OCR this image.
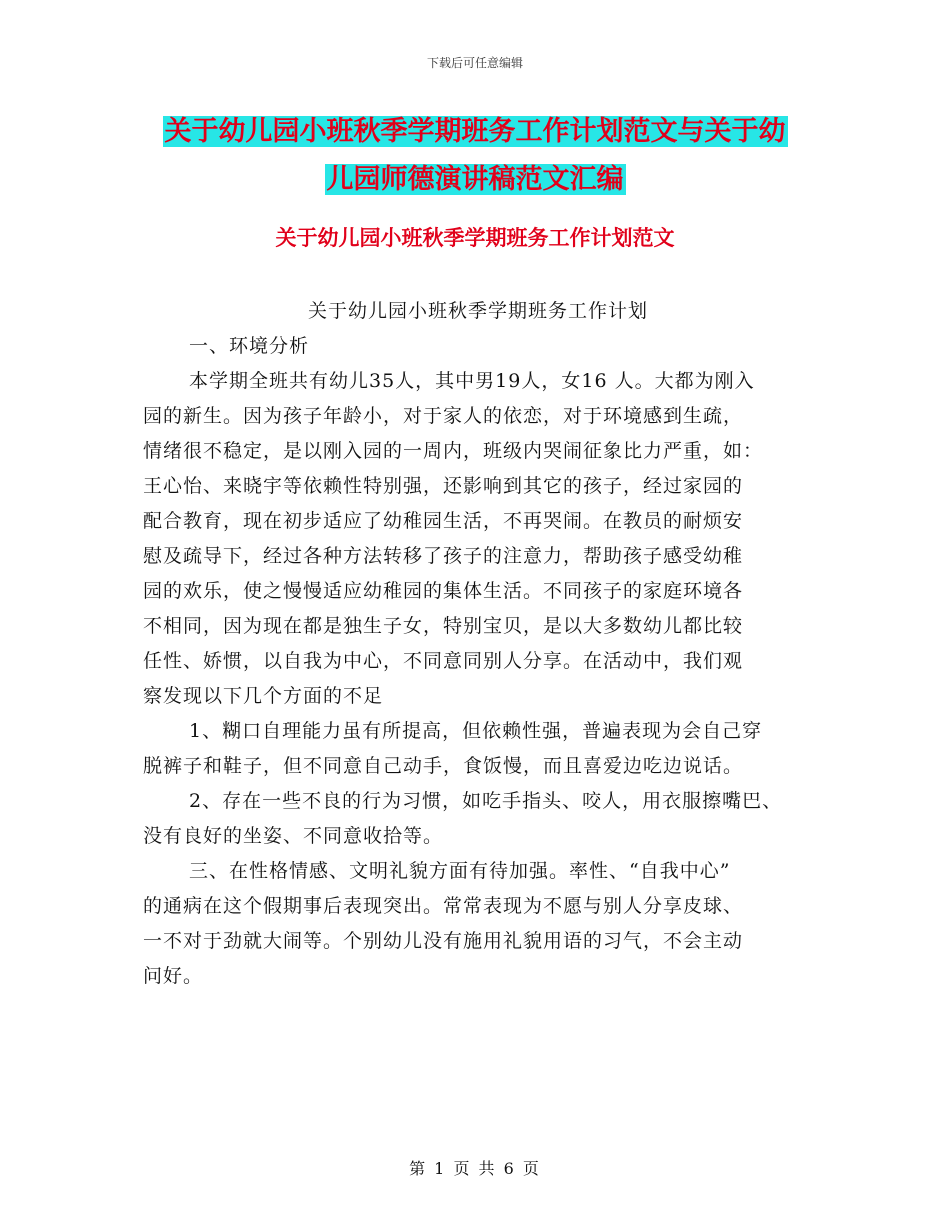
下载后可任意编辑
关于幼儿园小班秋季学期班务工作计划范文与关于幼
儿园师德演讲稿范文汇编
关于幼儿园小班秋季学期班务工作计划范文
关于幼儿园小班秋季学期班务工作计划
一、环境分析
本学期全班共有幼儿35人，其中男19人，女16 人。大都为刚入
园的新生。因为孩子年龄小，对于家人的依恋，对于环境感到生疏，
情绪很不稳定，是以刚入园的一周内，班级内哭闹征象比力严重，如：
王心怡、来晓宇等依赖性特别强，还影响到其它的孩子，经过家园的
配合教育，现在初步适应了幼稚园生活，不再哭闹。在教员的耐烦安
慰及疏导下，经过各种方法转移了孩子的注意力，帮助孩子感受幼稚
园的欢乐，使之慢慢适应幼稚园的集体生活。不同孩子的家庭环境各
不相同，因为现在都是独生子女，特别宝贝，是以大多数幼儿都比较
任性、娇惯，以自我为中心，不同意同别人分享。在活动中，我们观
察发现以下几个方面的不足
1、糊口自理能力虽有所提高，但依赖性强，普遍表现为会自己穿
脱裤子和鞋子，但不同意自己动手，食饭慢，而且喜爱边吃边说话。
2、存在一些不良的行为习惯，如吃手指头、咬人，用衣服擦嘴巴、
没有良好的坐姿、不同意收拾等。
三、在性格情感、文明礼貌方面有待加强。率性、“自我中心”
的通病在这个假期事后表现突出。常常表现为不愿与别人分享皮球、
一不对于劲就大闹等。个别幼儿没有施用礼貌用语的习气，不会主动
问好。
第 1 页 共 6 页
